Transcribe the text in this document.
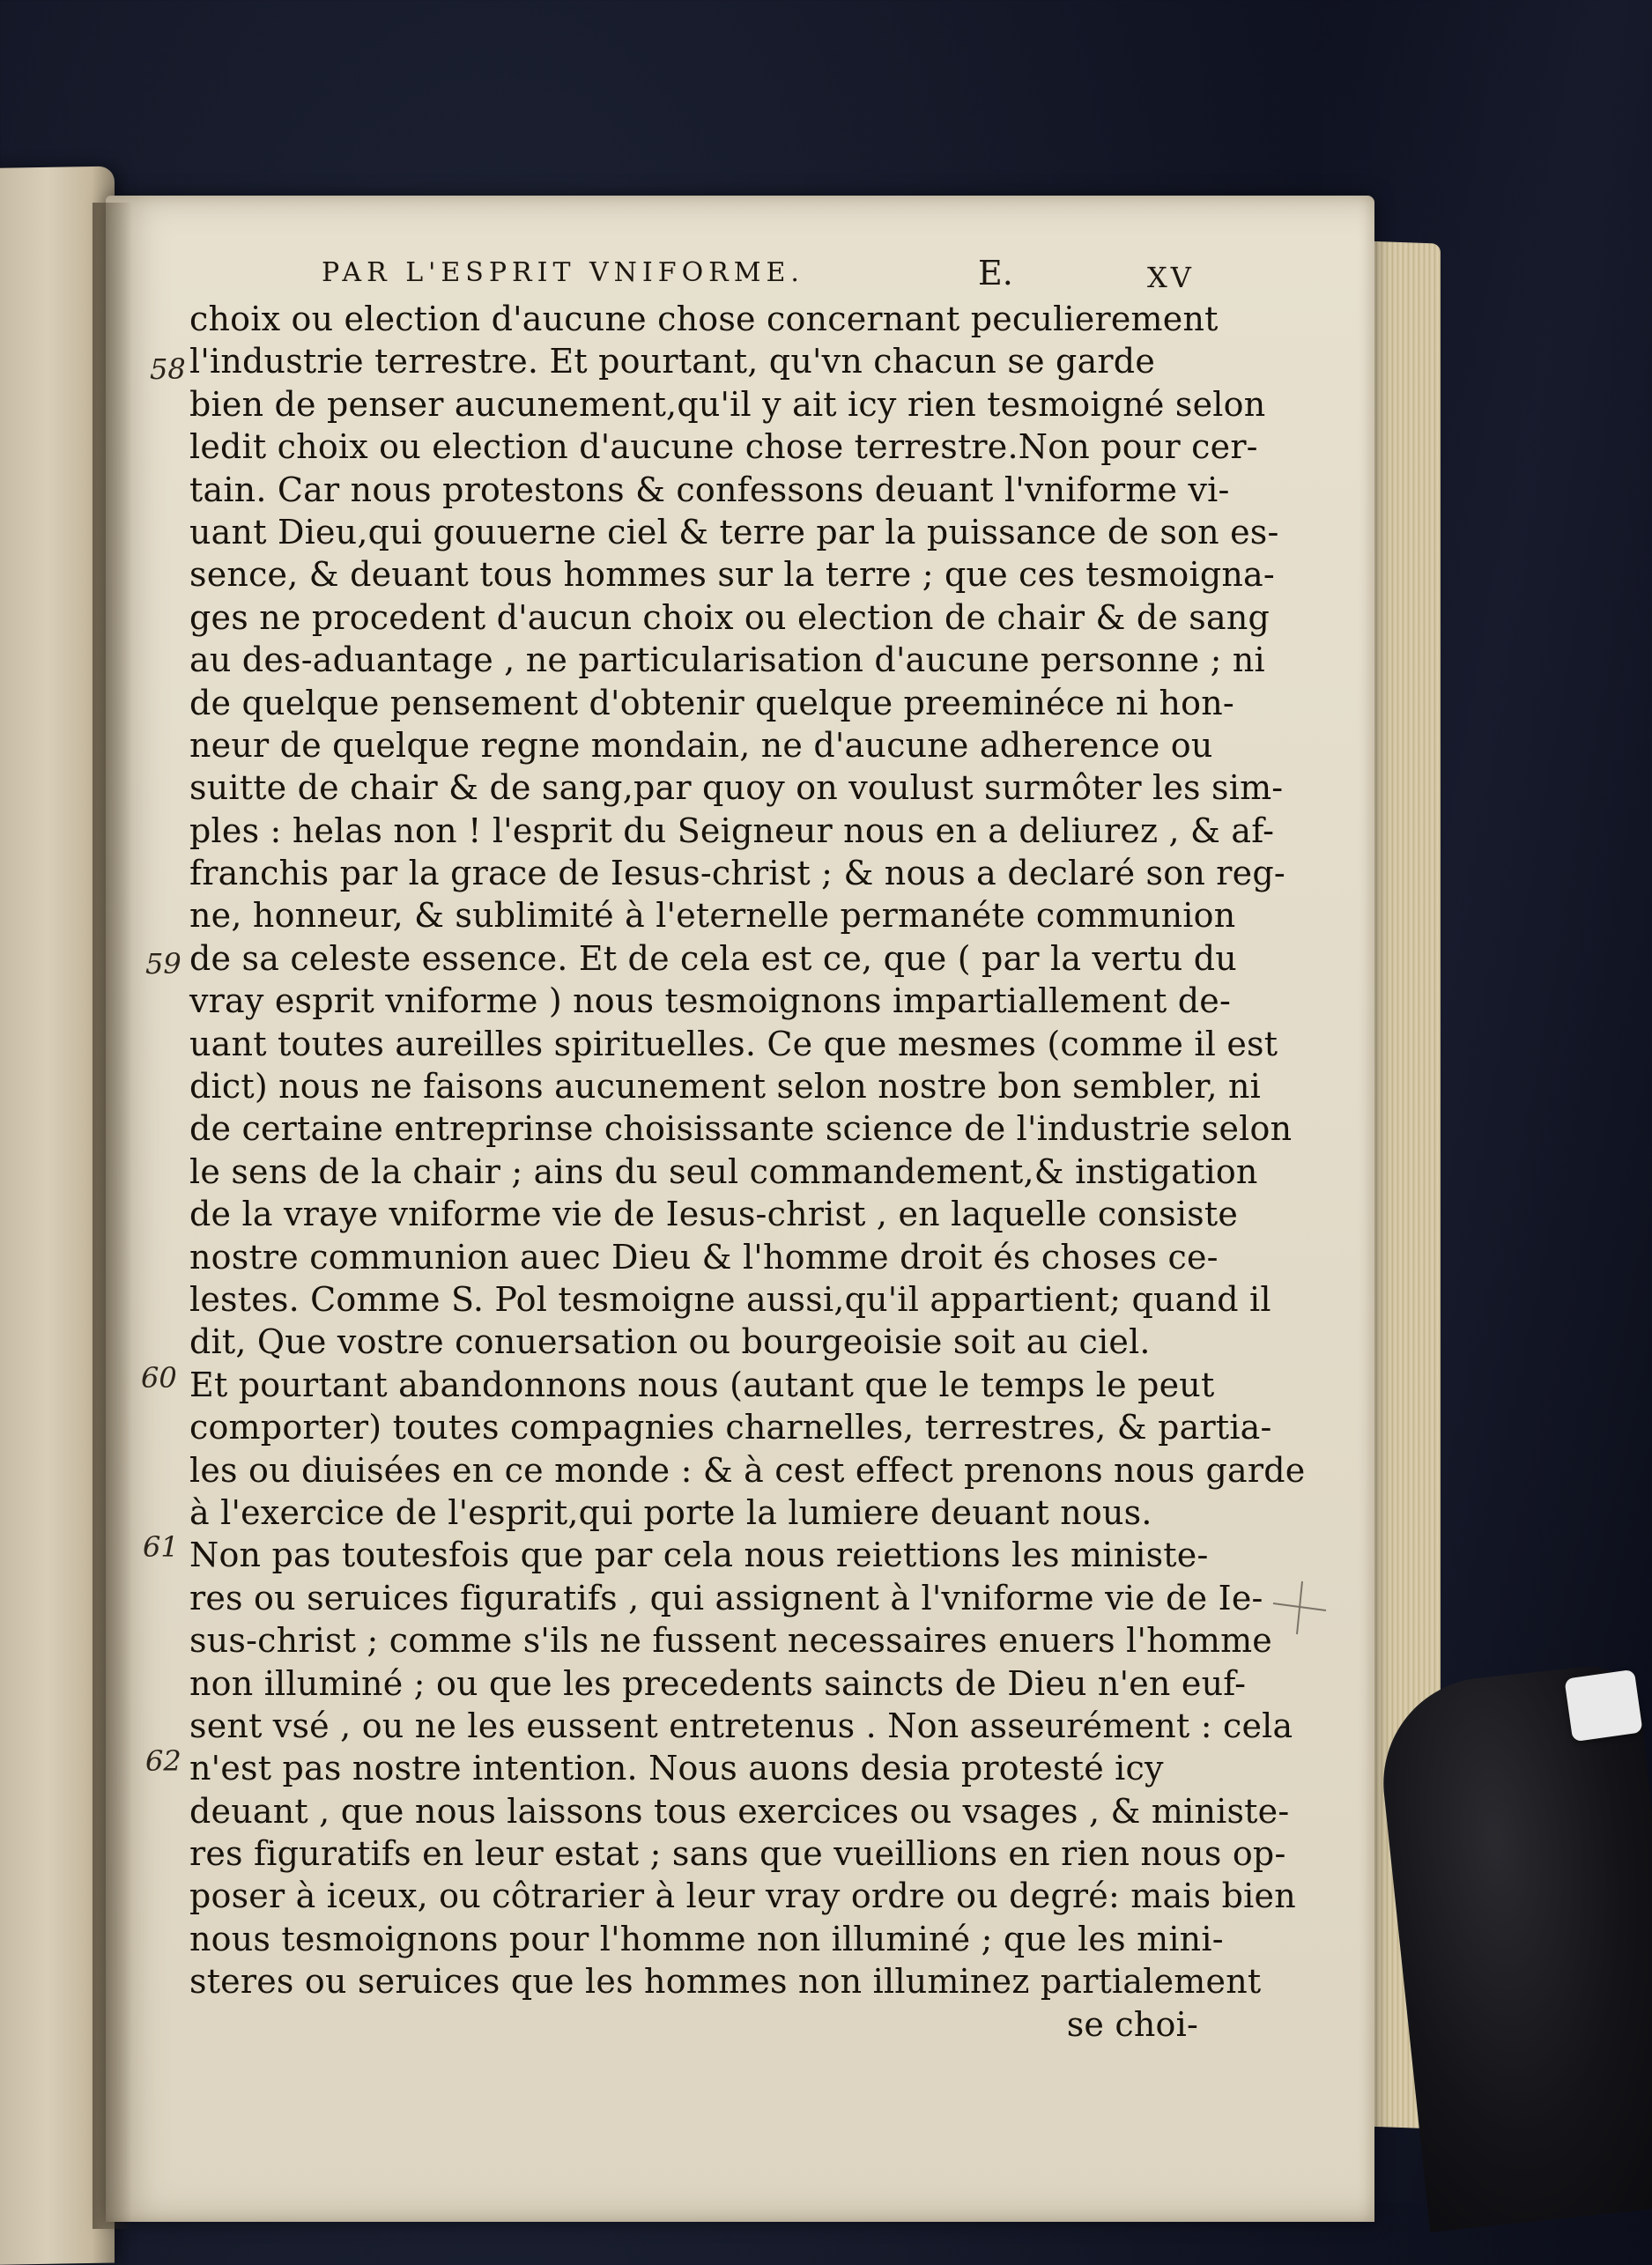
PAR L'ESPRIT VNIFORME.	E.	XV
58
59
60
61
62
choix ou election d'aucune chose concernant peculierement
l'industrie terrestre. Et pourtant, qu'vn chacun se garde
bien de penser aucunement,qu'il y ait icy rien tesmoigné selon
ledit choix ou election d'aucune chose terrestre.Non pour cer-
tain. Car nous protestons & confessons deuant l'vniforme vi-
uant Dieu,qui gouuerne ciel & terre par la puissance de son es-
sence, & deuant tous hommes sur la terre ; que ces tesmoigna-
ges ne procedent d'aucun choix ou election de chair & de sang
au des-aduantage , ne particularisation d'aucune personne ; ni
de quelque pensement d'obtenir quelque preeminéce ni hon-
neur de quelque regne mondain, ne d'aucune adherence ou
suitte de chair & de sang,par quoy on voulust surmôter les sim-
ples : helas non ! l'esprit du Seigneur nous en a deliurez , & af-
franchis par la grace de Iesus-christ ; & nous a declaré son reg-
ne, honneur, & sublimité à l'eternelle permanéte communion
de sa celeste essence. Et de cela est ce, que ( par la vertu du
vray esprit vniforme ) nous tesmoignons impartiallement de-
uant toutes aureilles spirituelles. Ce que mesmes (comme il est
dict) nous ne faisons aucunement selon nostre bon sembler, ni
de certaine entreprinse choisissante science de l'industrie selon
le sens de la chair ; ains du seul commandement,& instigation
de la vraye vniforme vie de Iesus-christ , en laquelle consiste
nostre communion auec Dieu & l'homme droit és choses ce-
lestes. Comme S. Pol tesmoigne aussi,qu'il appartient; quand il
dit, Que vostre conuersation ou bourgeoisie soit au ciel.
Et pourtant abandonnons nous (autant que le temps le peut
comporter) toutes compagnies charnelles, terrestres, & partia-
les ou diuisées en ce monde : & à cest effect prenons nous garde
à l'exercice de l'esprit,qui porte la lumiere deuant nous.
Non pas toutesfois que par cela nous reiettions les ministe-
res ou seruices figuratifs , qui assignent à l'vniforme vie de Ie-
sus-christ ; comme s'ils ne fussent necessaires enuers l'homme
non illuminé ; ou que les precedents saincts de Dieu n'en euf-
sent vsé , ou ne les eussent entretenus . Non asseurément : cela
n'est pas nostre intention. Nous auons desia protesté icy
deuant , que nous laissons tous exercices ou vsages , & ministe-
res figuratifs en leur estat ; sans que vueillions en rien nous op-
poser à iceux, ou côtrarier à leur vray ordre ou degré: mais bien
nous tesmoignons pour l'homme non illuminé ; que les mini-
steres ou seruices que les hommes non illuminez partialement
se choi-
